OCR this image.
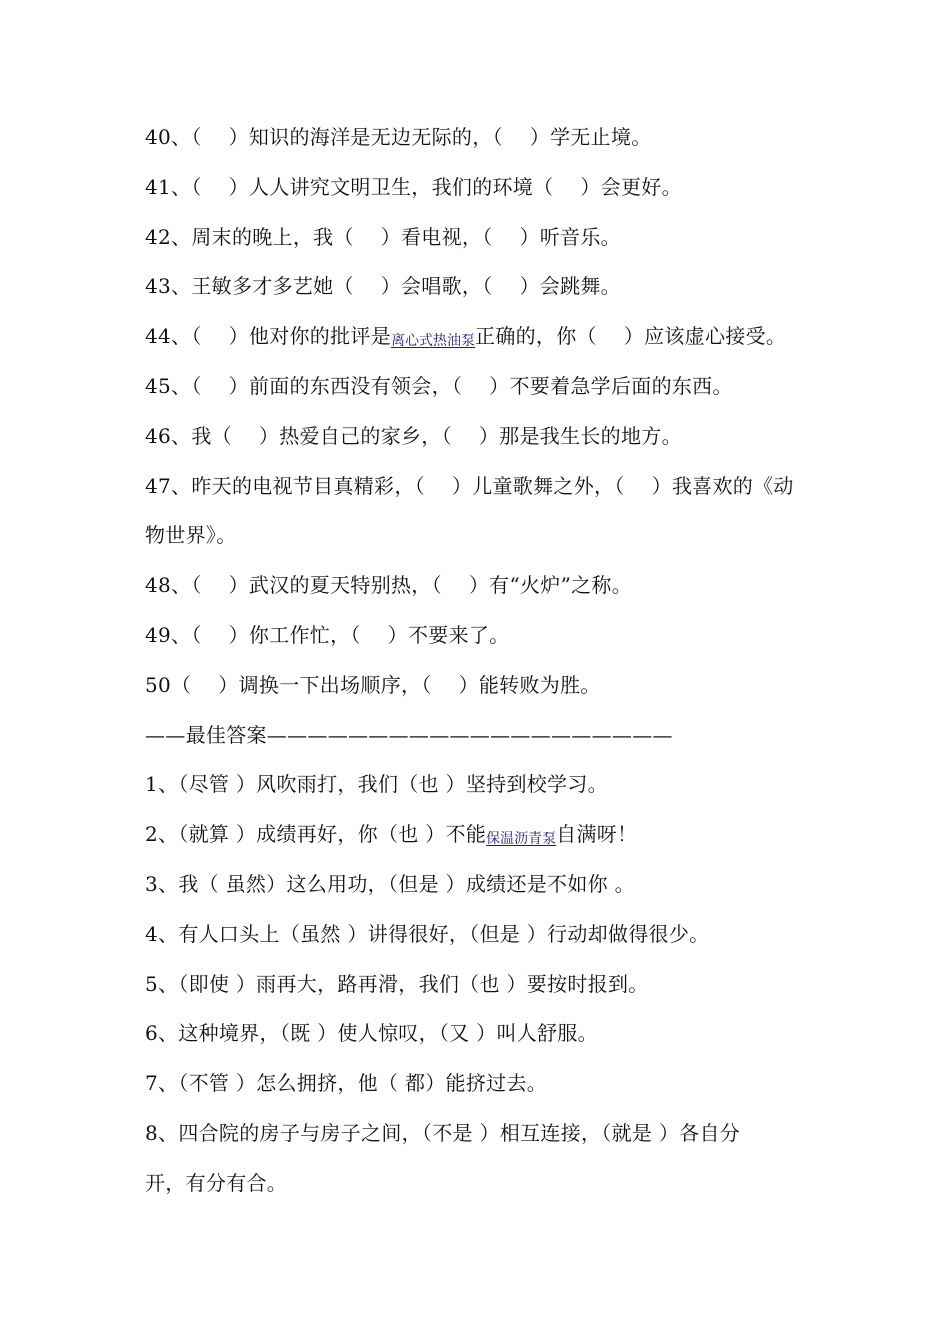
40、（　 ）知识的海洋是无边无际的，（　 ）学无止境。
41、（　 ）人人讲究文明卫生，我们的环境（　 ）会更好。
42、周末的晚上，我（　 ）看电视，（　 ）听音乐。
43、王敏多才多艺她（　 ）会唱歌，（　 ）会跳舞。
44、（　 ）他对你的批评是离心式热油泵正确的，你（　 ）应该虚心接受。
45、（　 ）前面的东西没有领会，（　 ）不要着急学后面的东西。
46、我（　 ）热爱自己的家乡，（　 ）那是我生长的地方。
47、昨天的电视节目真精彩，（　 ）儿童歌舞之外，（　 ）我喜欢的《动
物世界》。
48、（　 ）武汉的夏天特别热，（　 ）有“火炉”之称。
49、（　 ）你工作忙，（　 ）不要来了。
50（　 ）调换一下出场顺序，（　 ）能转败为胜。
——最佳答案————————————————————
1、（尽管 ）风吹雨打，我们（也 ）坚持到校学习。
2、（就算 ）成绩再好，你（也 ）不能保温沥青泵自满呀！
3、我（ 虽然）这么用功，（但是 ）成绩还是不如你 。
4、有人口头上（虽然 ）讲得很好，（但是 ）行动却做得很少。
5、（即使 ）雨再大，路再滑，我们（也 ）要按时报到。
6、这种境界，（既 ）使人惊叹，（又 ）叫人舒服。
7、（不管 ）怎么拥挤，他（ 都）能挤过去。
8、四合院的房子与房子之间，（不是 ）相互连接，（就是 ）各自分
开，有分有合。
